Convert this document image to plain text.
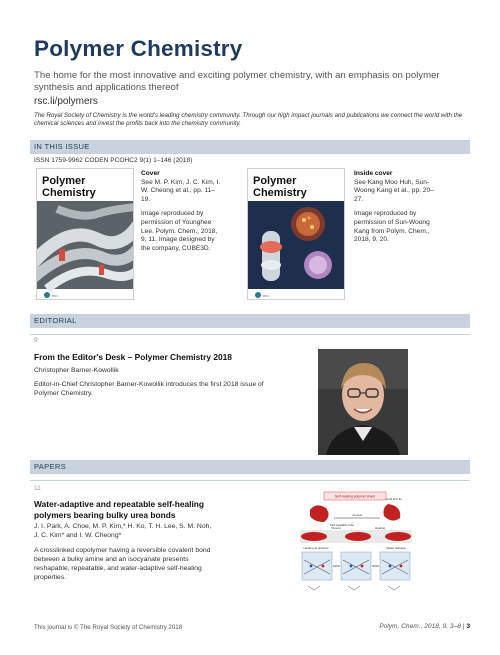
Polymer Chemistry
The home for the most innovative and exciting polymer chemistry, with an emphasis on polymer synthesis and applications thereof
rsc.li/polymers
The Royal Society of Chemistry is the world's leading chemistry community. Through our high impact journals and publications we connect the world with the chemical sciences and invest the profits back into the chemistry community.
IN THIS ISSUE
ISSN 1759-9962 CODEN PCOHC2 9(1) 1–146 (2018)
Polymer
Chemistry
RSC
Cover
See M. P. Kim, J. C. Kim, I. W. Cheong et al., pp. 11–19.
Image reproduced by permission of Younghee Lee. Polym. Chem., 2018, 9, 11. Image designed by the company, CUBE3D.
Polymer
Chemistry
RSC
Inside cover
See Kang Moo Huh, Sun-Woong Kang et al., pp. 20–27.
Image reproduced by permission of Sun-Woong Kang from Polym. Chem., 2018, 9, 20.
EDITORIAL
9
From the Editor's Desk – Polymer Chemistry 2018
Christopher Barner-Kowollik
Editor-in-Chief Christopher Barner-Kowollik introduces the first 2018 issue of Polymer Chemistry.
PAPERS
11
Water-adaptive and repeatable self-healing
polymers bearing bulky urea bonds
J. I. Park, A. Choe, M. P. Kim,* H. Ko, T. H. Lee, S. M. Noh,
J. C. Kim* and I. W. Cheong*
A crosslinked copolymer having a reversible covalent bond
between a bulky amine and an isocyanate presents
reshapable, repeatable, and water-adaptive self-healing
properties.
Self-healing polymer sheet
Fold and fix
Anneal
Self-healable tube
Wound	Healing
Healing at ambient	Water leakage
This journal is © The Royal Society of Chemistry 2018	Polym. Chem., 2018, 9, 3–8 | 3
